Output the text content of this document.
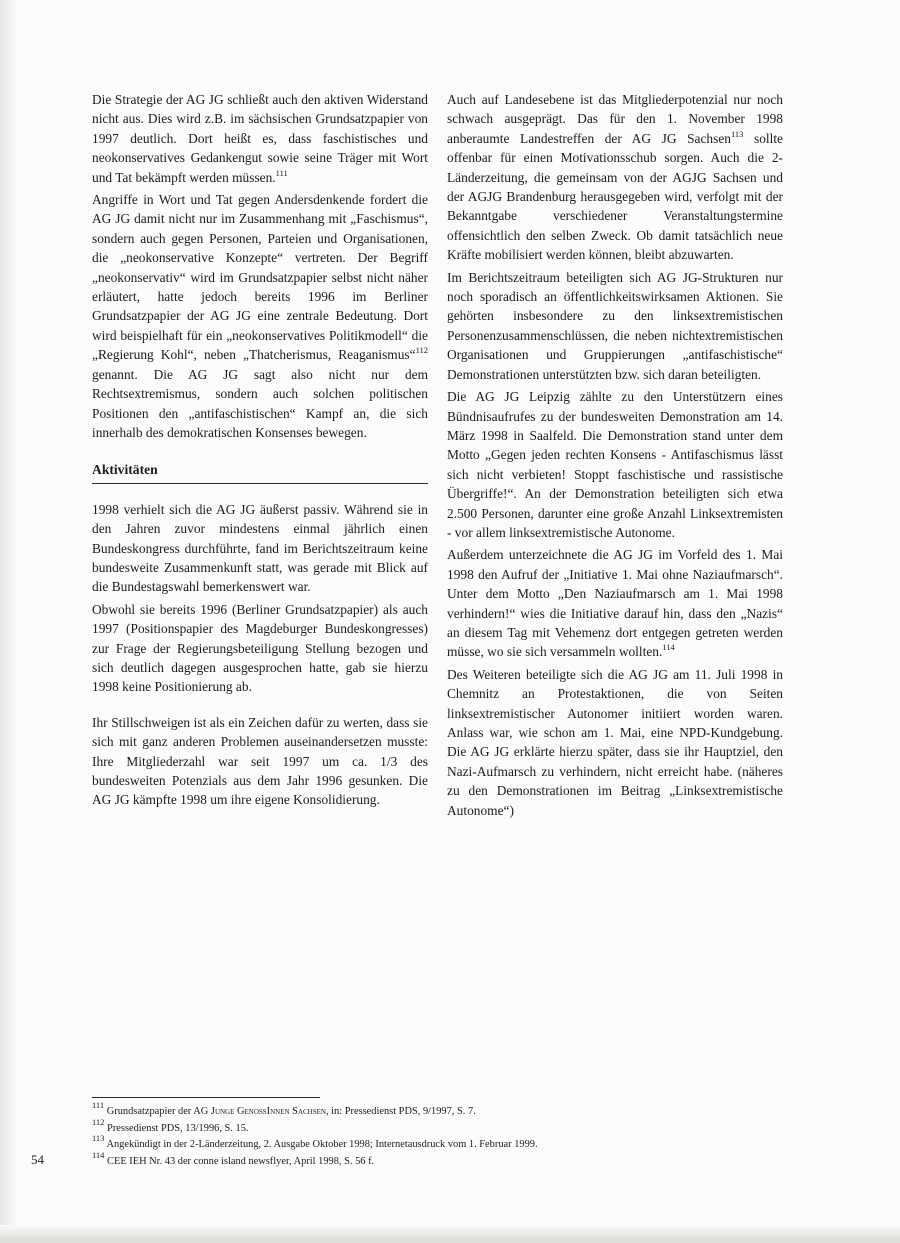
Die Strategie der AG JG schließt auch den aktiven Widerstand nicht aus. Dies wird z.B. im sächsischen Grundsatzpapier von 1997 deutlich. Dort heißt es, dass faschistisches und neokonservatives Gedankengut sowie seine Träger mit Wort und Tat bekämpft werden müssen.$^{111}$

Angriffe in Wort und Tat gegen Andersdenkende fordert die AG JG damit nicht nur im Zusammenhang mit „Faschismus“, sondern auch gegen Personen, Parteien und Organisationen, die „neokonservative Konzepte“ vertreten. Der Begriff „neokonservativ“ wird im Grundsatzpapier selbst nicht näher erläutert, hatte jedoch bereits 1996 im Berliner Grundsatzpapier der AG JG eine zentrale Bedeutung. Dort wird beispielhaft für ein „neokonservatives Politikmodell“ die „Regierung Kohl“, neben „Thatcherismus, Reaganismus“$^{112}$ genannt. Die AG JG sagt also nicht nur dem Rechtsextremismus, sondern auch solchen politischen Positionen den „antifaschistischen“ Kampf an, die sich innerhalb des demokratischen Konsenses bewegen.

Aktivitäten

1998 verhielt sich die AG JG äußerst passiv. Während sie in den Jahren zuvor mindestens einmal jährlich einen Bundeskongress durchführte, fand im Berichtszeitraum keine bundesweite Zusammenkunft statt, was gerade mit Blick auf die Bundestagswahl bemerkenswert war.

Obwohl sie bereits 1996 (Berliner Grundsatzpapier) als auch 1997 (Positionspapier des Magdeburger Bundeskongresses) zur Frage der Regierungsbeteiligung Stellung bezogen und sich deutlich dagegen ausgesprochen hatte, gab sie hierzu 1998 keine Positionierung ab.

Ihr Stillschweigen ist als ein Zeichen dafür zu werten, dass sie sich mit ganz anderen Problemen auseinandersetzen musste: Ihre Mitgliederzahl war seit 1997 um ca. 1/3 des bundesweiten Potenzials aus dem Jahr 1996 gesunken. Die AG JG kämpfte 1998 um ihre eigene Konsolidierung.

Auch auf Landesebene ist das Mitgliederpotenzial nur noch schwach ausgeprägt. Das für den 1. November 1998 anberaumte Landestreffen der AG JG Sachsen$^{113}$ sollte offenbar für einen Motivationsschub sorgen. Auch die 2-Länderzeitung, die gemeinsam von der AGJG Sachsen und der AGJG Brandenburg herausgegeben wird, verfolgt mit der Bekanntgabe verschiedener Veranstaltungstermine offensichtlich den selben Zweck. Ob damit tatsächlich neue Kräfte mobilisiert werden können, bleibt abzuwarten.

Im Berichtszeitraum beteiligten sich AG JG-Strukturen nur noch sporadisch an öffentlichkeitswirksamen Aktionen. Sie gehörten insbesondere zu den linksextremistischen Personenzusammenschlüssen, die neben nichtextremistischen Organisationen und Gruppierungen „antifaschistische“ Demonstrationen unterstützten bzw. sich daran beteiligten.

Die AG JG Leipzig zählte zu den Unterstützern eines Bündnisaufrufes zu der bundesweiten Demonstration am 14. März 1998 in Saalfeld. Die Demonstration stand unter dem Motto „Gegen jeden rechten Konsens - Antifaschismus lässt sich nicht verbieten! Stoppt faschistische und rassistische Übergriffe!“. An der Demonstration beteiligten sich etwa 2.500 Personen, darunter eine große Anzahl Linksextremisten - vor allem linksextremistische Autonome.

Außerdem unterzeichnete die AG JG im Vorfeld des 1. Mai 1998 den Aufruf der „Initiative 1. Mai ohne Naziaufmarsch“. Unter dem Motto „Den Naziaufmarsch am 1. Mai 1998 verhindern!“ wies die Initiative darauf hin, dass den „Nazis“ an diesem Tag mit Vehemenz dort entgegen getreten werden müsse, wo sie sich versammeln wollten.$^{114}$

Des Weiteren beteiligte sich die AG JG am 11. Juli 1998 in Chemnitz an Protestaktionen, die von Seiten linksextremistischer Autonomer initiiert worden waren. Anlass war, wie schon am 1. Mai, eine NPD-Kundgebung. Die AG JG erklärte hierzu später, dass sie ihr Hauptziel, den Nazi-Aufmarsch zu verhindern, nicht erreicht habe. (näheres zu den Demonstrationen im Beitrag „Linksextremistische Autonome“)

$^{111}$ Grundsatzpapier der AG Junge GenossInnen Sachsen, in: Pressedienst PDS, 9/1997, S. 7.
$^{112}$ Pressedienst PDS, 13/1996, S. 15.
$^{113}$ Angekündigt in der 2-Länderzeitung, 2. Ausgabe Oktober 1998; Internetausdruck vom 1. Februar 1999.
$^{114}$ CEE IEH Nr. 43 der conne island newsflyer, April 1998, S. 56 f.
54
